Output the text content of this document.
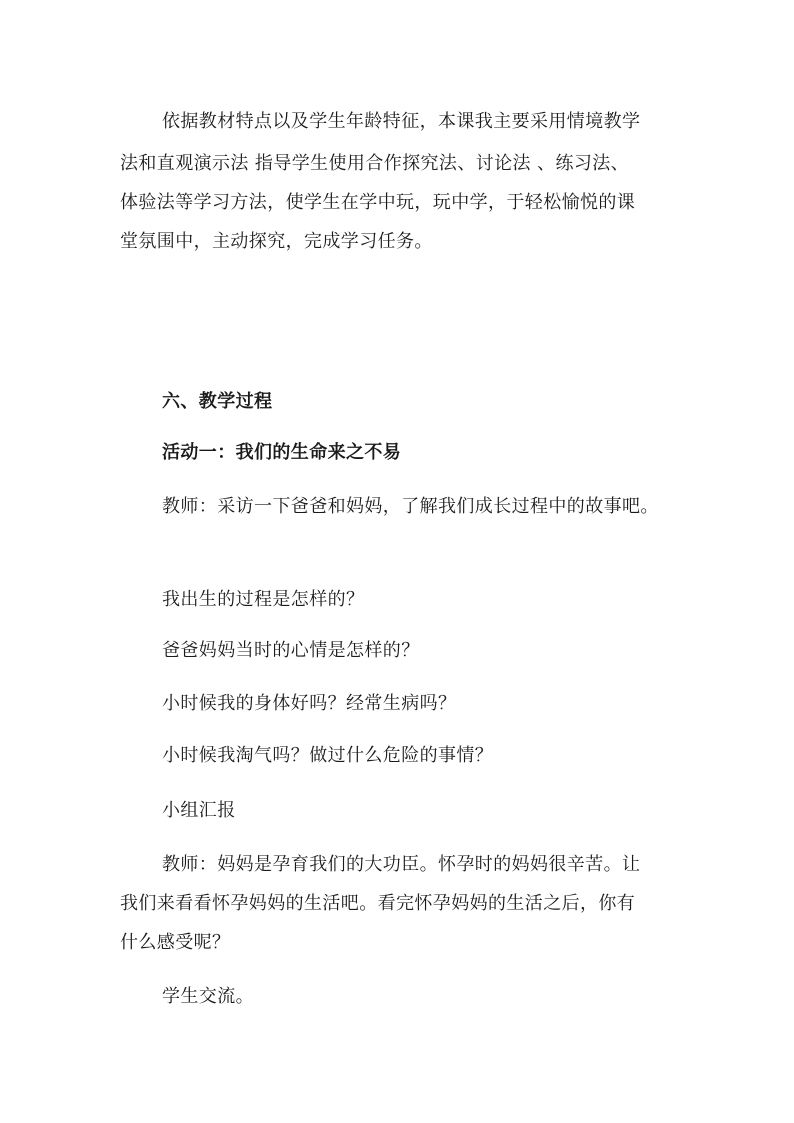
依据教材特点以及学生年龄特征，本课我主要采用情境教学
法和直观演示法 指导学生使用合作探究法、讨论法 、练习法、
体验法等学习方法，使学生在学中玩，玩中学，于轻松愉悦的课
堂氛围中，主动探究，完成学习任务。
六、教学过程
活动一：我们的生命来之不易
教师：采访一下爸爸和妈妈，了解我们成长过程中的故事吧。
我出生的过程是怎样的？
爸爸妈妈当时的心情是怎样的？
小时候我的身体好吗？经常生病吗？
小时候我淘气吗？做过什么危险的事情？
小组汇报
教师：妈妈是孕育我们的大功臣。怀孕时的妈妈很辛苦。让
我们来看看怀孕妈妈的生活吧。看完怀孕妈妈的生活之后，你有
什么感受呢？
学生交流。
